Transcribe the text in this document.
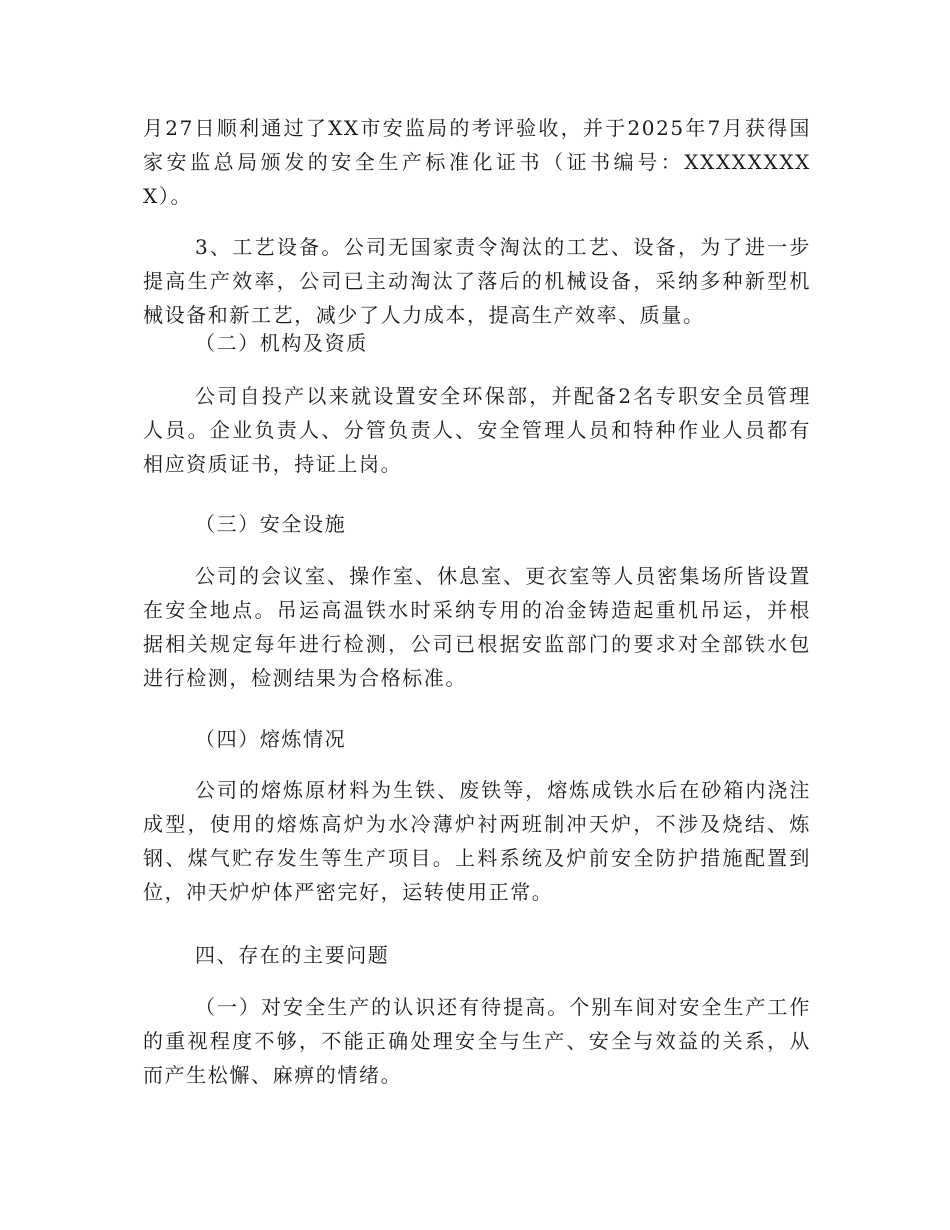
月27日顺利通过了XX市安监局的考评验收，并于2025年7月获得国家安监总局颁发的安全生产标准化证书（证书编号：XXXXXXXXX）。

3、工艺设备。公司无国家责令淘汰的工艺、设备，为了进一步提高生产效率，公司已主动淘汰了落后的机械设备，采纳多种新型机械设备和新工艺，减少了人力成本，提高生产效率、质量。

（二）机构及资质

公司自投产以来就设置安全环保部，并配备2名专职安全员管理人员。企业负责人、分管负责人、安全管理人员和特种作业人员都有相应资质证书，持证上岗。

（三）安全设施

公司的会议室、操作室、休息室、更衣室等人员密集场所皆设置在安全地点。吊运高温铁水时采纳专用的冶金铸造起重机吊运，并根据相关规定每年进行检测，公司已根据安监部门的要求对全部铁水包进行检测，检测结果为合格标准。

（四）熔炼情况

公司的熔炼原材料为生铁、废铁等，熔炼成铁水后在砂箱内浇注成型，使用的熔炼高炉为水冷薄炉衬两班制冲天炉，不涉及烧结、炼钢、煤气贮存发生等生产项目。上料系统及炉前安全防护措施配置到位，冲天炉炉体严密完好，运转使用正常。

四、存在的主要问题

（一）对安全生产的认识还有待提高。个别车间对安全生产工作的重视程度不够，不能正确处理安全与生产、安全与效益的关系，从而产生松懈、麻痹的情绪。
